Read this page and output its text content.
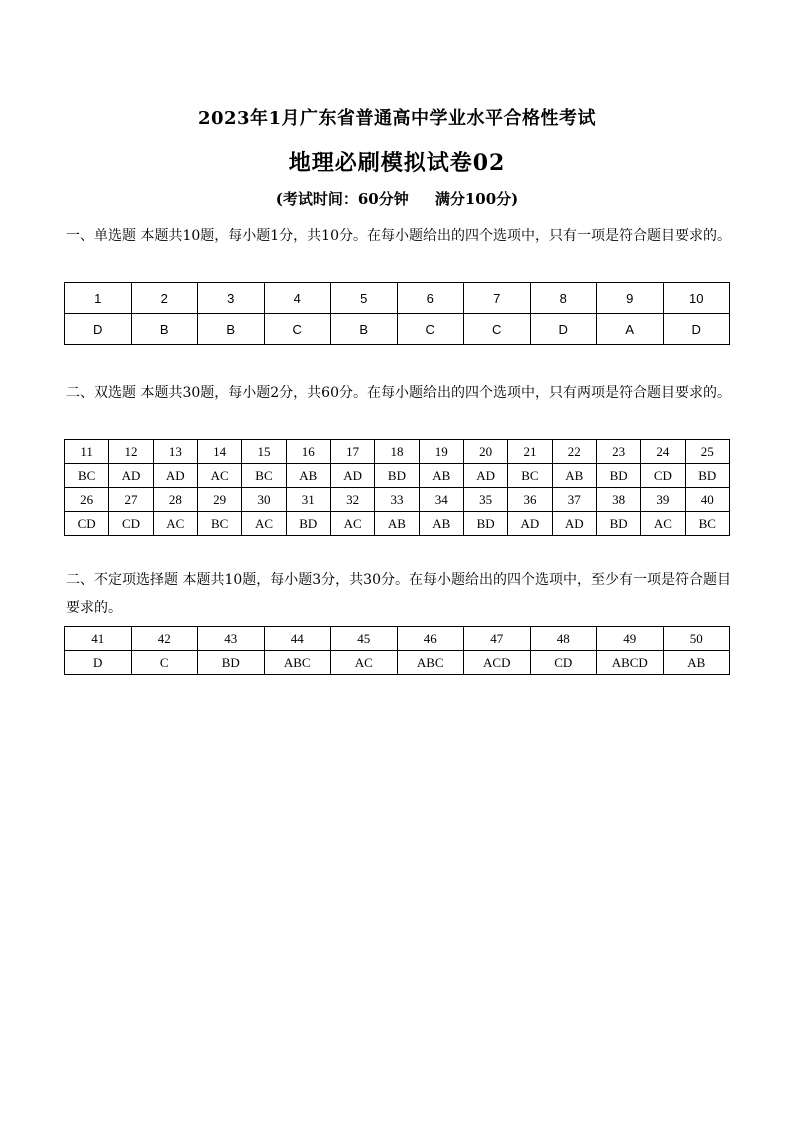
2023年1月广东省普通高中学业水平合格性考试
地理必刷模拟试卷02
(考试时间：60分钟     满分100分)
一、单选题 本题共10题，每小题1分，共10分。在每小题给出的四个选项中，只有一项是符合题目要求的。
1	2	3	4	5	6	7	8	9	10
D	B	B	C	B	C	C	D	A	D
二、双选题 本题共30题，每小题2分，共60分。在每小题给出的四个选项中，只有两项是符合题目要求的。
11	12	13	14	15	16	17	18	19	20	21	22	23	24	25
BC	AD	AD	AC	BC	AB	AD	BD	AB	AD	BC	AB	BD	CD	BD
26	27	28	29	30	31	32	33	34	35	36	37	38	39	40
CD	CD	AC	BC	AC	BD	AC	AB	AB	BD	AD	AD	BD	AC	BC
二、不定项选择题 本题共10题，每小题3分，共30分。在每小题给出的四个选项中，至少有一项是符合题目要求的。
41	42	43	44	45	46	47	48	49	50
D	C	BD	ABC	AC	ABC	ACD	CD	ABCD	AB
